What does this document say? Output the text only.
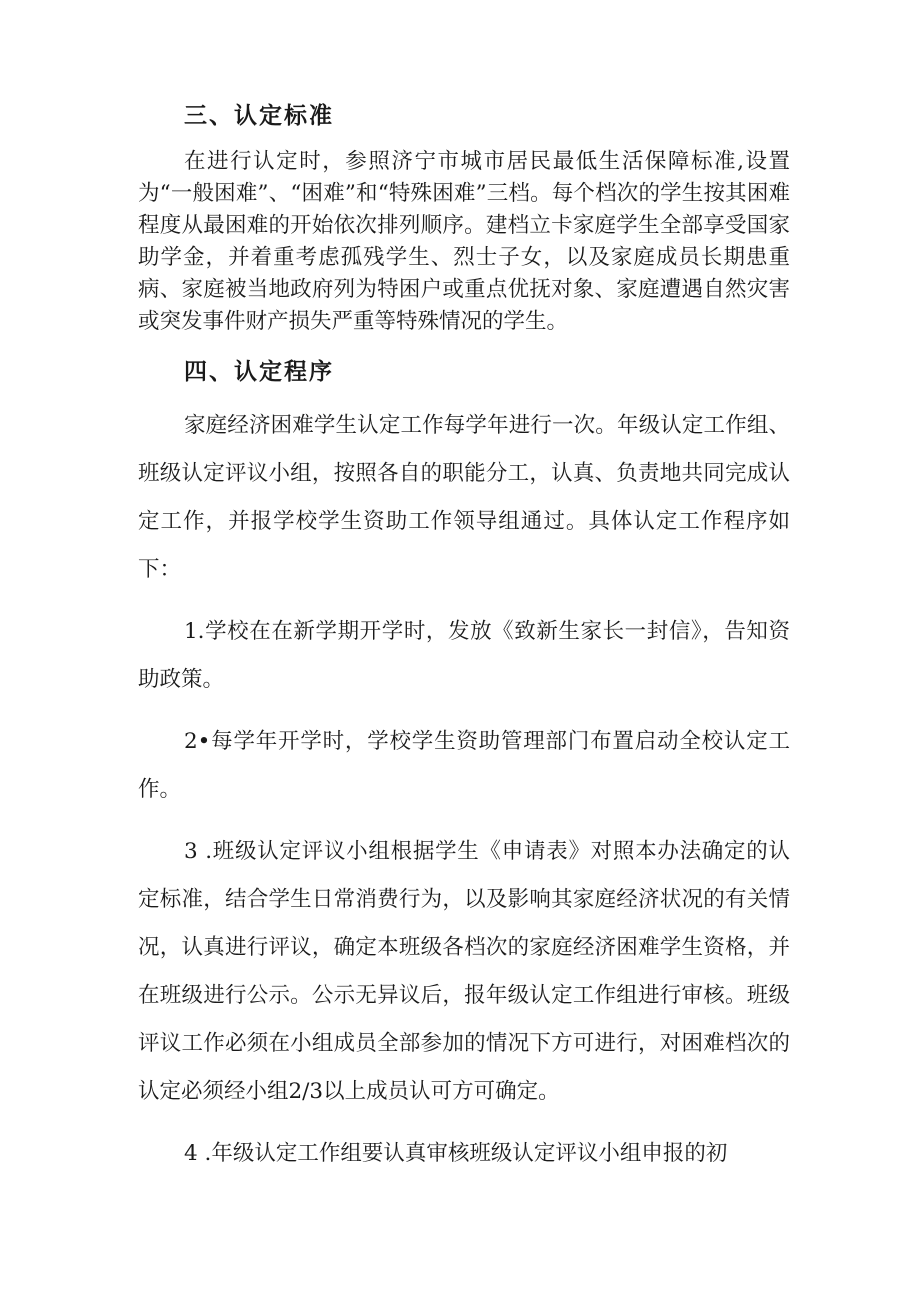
三、认定标准

在进行认定时，参照济宁市城市居民最低生活保障标准,设置为“一般困难”、“困难”和“特殊困难”三档。每个档次的学生按其困难程度从最困难的开始依次排列顺序。建档立卡家庭学生全部享受国家助学金，并着重考虑孤残学生、烈士子女，以及家庭成员长期患重病、家庭被当地政府列为特困户或重点优抚对象、家庭遭遇自然灾害或突发事件财产损失严重等特殊情况的学生。

四、认定程序

家庭经济困难学生认定工作每学年进行一次。年级认定工作组、班级认定评议小组，按照各自的职能分工，认真、负责地共同完成认定工作，并报学校学生资助工作领导组通过。具体认定工作程序如下：

1.学校在在新学期开学时，发放《致新生家长一封信》，告知资助政策。

2•每学年开学时，学校学生资助管理部门布置启动全校认定工作。

3 .班级认定评议小组根据学生《申请表》对照本办法确定的认定标准，结合学生日常消费行为，以及影响其家庭经济状况的有关情况，认真进行评议，确定本班级各档次的家庭经济困难学生资格，并在班级进行公示。公示无异议后，报年级认定工作组进行审核。班级评议工作必须在小组成员全部参加的情况下方可进行，对困难档次的认定必须经小组2/3以上成员认可方可确定。

4 .年级认定工作组要认真审核班级认定评议小组申报的初
